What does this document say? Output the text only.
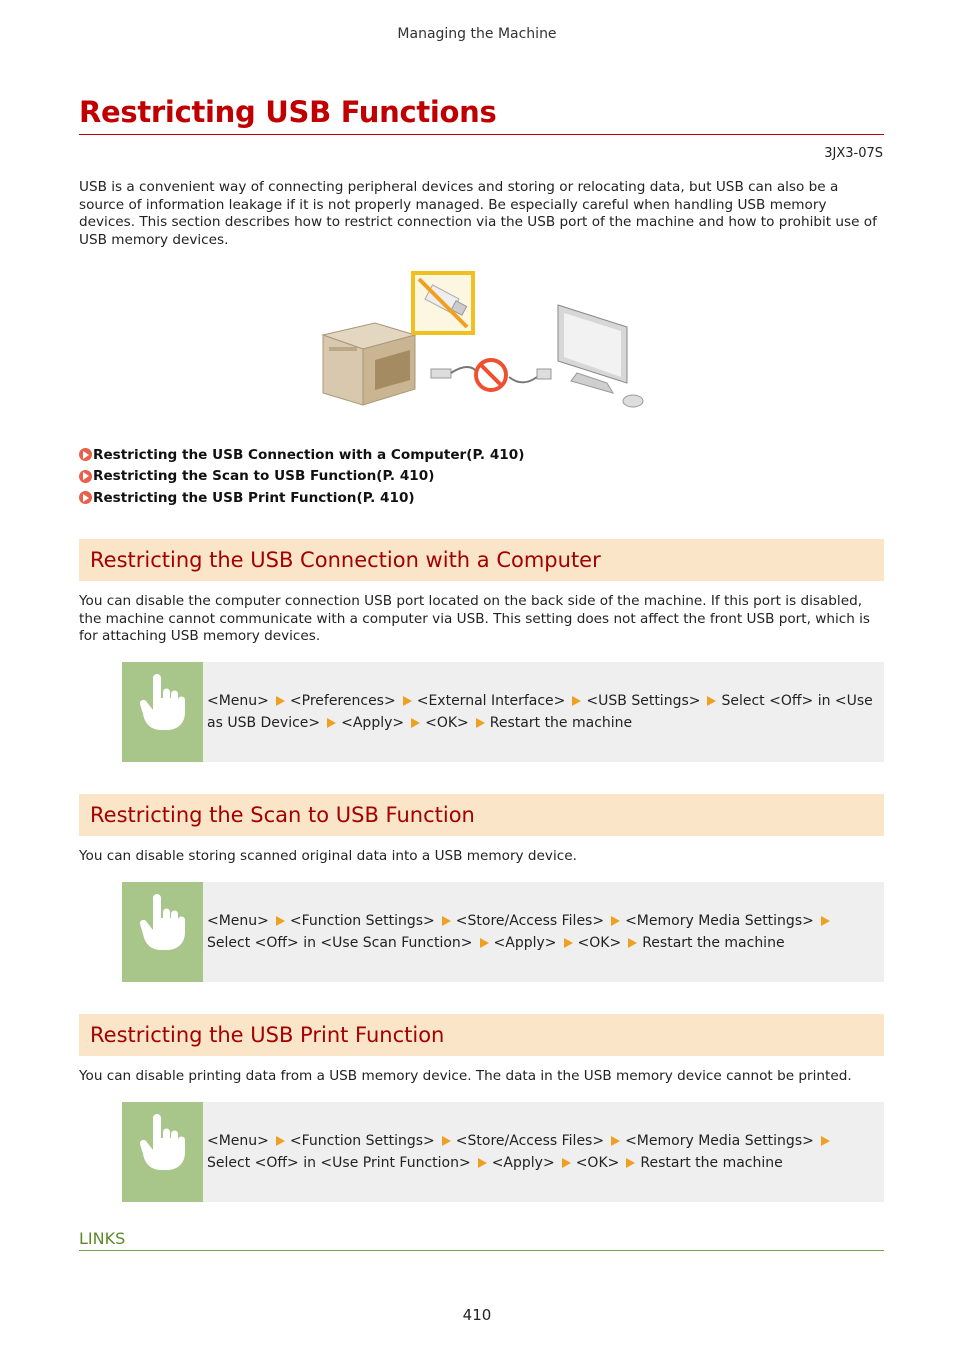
Managing the Machine
Restricting USB Functions
3JX3-07S

USB is a convenient way of connecting peripheral devices and storing or relocating data, but USB can also be a source of information leakage if it is not properly managed. Be especially careful when handling USB memory devices. This section describes how to restrict connection via the USB port of the machine and how to prohibit use of USB memory devices.

Restricting the USB Connection with a Computer(P. 410)
Restricting the Scan to USB Function(P. 410)
Restricting the USB Print Function(P. 410)
Restricting the USB Connection with a Computer

You can disable the computer connection USB port located on the back side of the machine. If this port is disabled, the machine cannot communicate with a computer via USB. This setting does not affect the front USB port, which is for attaching USB memory devices.

<Menu> <Preferences> <External Interface> <USB Settings> Select <Off> in <Use as USB Device> <Apply> <OK> Restart the machine
Restricting the Scan to USB Function

You can disable storing scanned original data into a USB memory device.

<Menu> <Function Settings> <Store/Access Files> <Memory Media Settings>Select <Off> in <Use Scan Function> <Apply> <OK> Restart the machine
Restricting the USB Print Function

You can disable printing data from a USB memory device. The data in the USB memory device cannot be printed.

<Menu> <Function Settings> <Store/Access Files> <Memory Media Settings>Select <Off> in <Use Print Function> <Apply> <OK> Restart the machine
LINKS
410
